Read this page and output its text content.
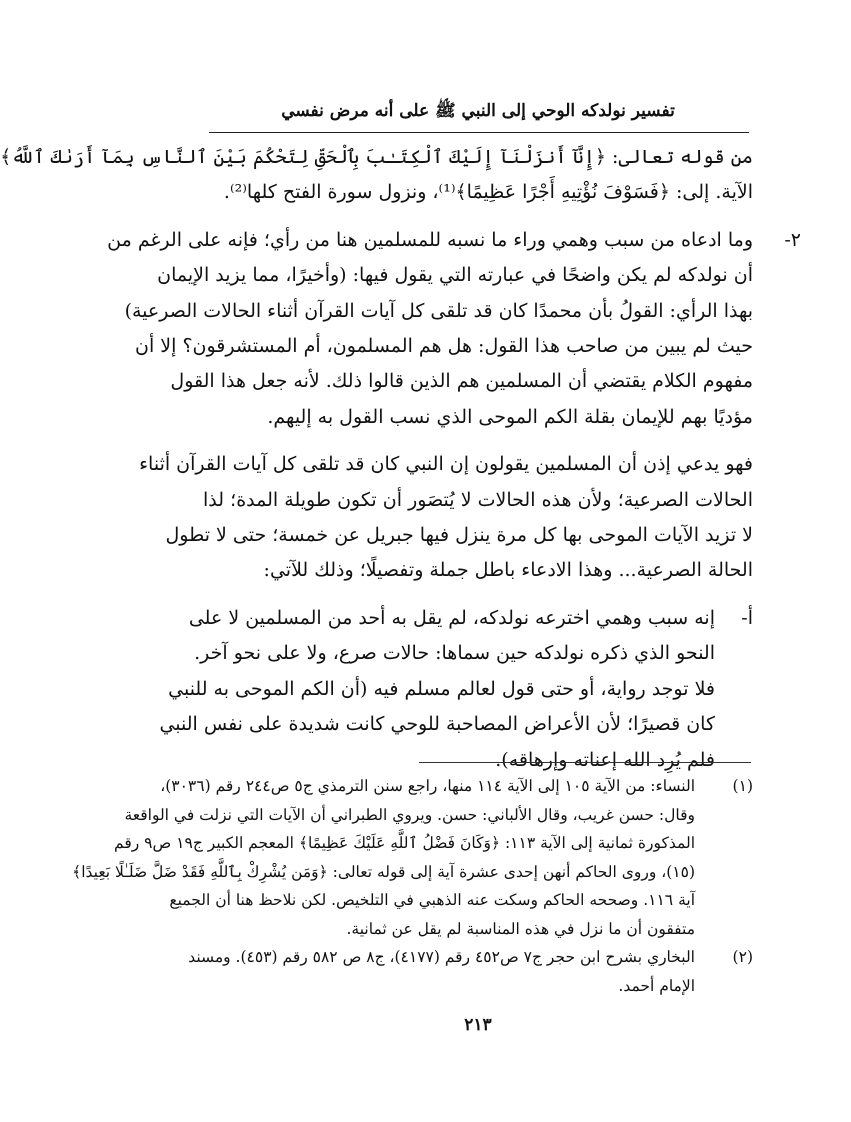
تفسير نولدكه الوحي إلى النبي ﷺ على أنه مرض نفسي

من قوله تعالى: ﴿إِنَّآ أَنزَلْنَآ إِلَيْكَ ٱلْكِتَـٰبَ بِٱلْحَقِّ لِتَحْكُمَ بَيْنَ ٱلنَّاسِ بِمَآ أَرَىٰكَ ٱللَّهُ﴾
الآية. إلى: ﴿فَسَوْفَ نُؤْتِيهِ أَجْرًا عَظِيمًا﴾⁽¹⁾، ونزول سورة الفتح كلها⁽²⁾.

٢-
وما ادعاه من سبب وهمي وراء ما نسبه للمسلمين هنا من رأي؛ فإنه على الرغم من
أن نولدكه لم يكن واضحًا في عبارته التي يقول فيها: (وأخيرًا، مما يزيد الإيمان
بهذا الرأي: القولُ بأن محمدًا كان قد تلقى كل آيات القرآن أثناء الحالات الصرعية)
حيث لم يبين من صاحب هذا القول: هل هم المسلمون، أم المستشرقون؟ إلا أن
مفهوم الكلام يقتضي أن المسلمين هم الذين قالوا ذلك. لأنه جعل هذا القول
مؤديًا بهم للإيمان بقلة الكم الموحى الذي نسب القول به إليهم.

فهو يدعي إذن أن المسلمين يقولون إن النبي كان قد تلقى كل آيات القرآن أثناء
الحالات الصرعية؛ ولأن هذه الحالات لا يُتصَور أن تكون طويلة المدة؛ لذا
لا تزيد الآيات الموحى بها كل مرة ينزل فيها جبريل عن خمسة؛ حتى لا تطول
الحالة الصرعية... وهذا الادعاء باطل جملة وتفصيلًا؛ وذلك للآتي:

أ-
إنه سبب وهمي اخترعه نولدكه، لم يقل به أحد من المسلمين لا على
النحو الذي ذكره نولدكه حين سماها: حالات صرع، ولا على نحو آخر.
فلا توجد رواية، أو حتى قول لعالم مسلم فيه (أن الكم الموحى به للنبي
كان قصيرًا؛ لأن الأعراض المصاحبة للوحي كانت شديدة على نفس النبي
فلم يُرِد الله إعناته وإرهاقه).
(١)
النساء: من الآية ١٠٥ إلى الآية ١١٤ منها، راجع سنن الترمذي ج٥ ص٢٤٤ رقم (٣٠٣٦)،
وقال: حسن غريب، وقال الألباني: حسن. ويروي الطبراني أن الآيات التي نزلت في الواقعة
المذكورة ثمانية إلى الآية ١١٣: ﴿وَكَانَ فَضْلُ ٱللَّهِ عَلَيْكَ عَظِيمًا﴾ المعجم الكبير ج١٩ ص٩ رقم
(١٥)، وروى الحاكم أنهن إحدى عشرة آية إلى قوله تعالى: ﴿وَمَن يُشْرِكْ بِٱللَّهِ فَقَدْ ضَلَّ ضَلَـٰلًا بَعِيدًا﴾
آية ١١٦. وصححه الحاكم وسكت عنه الذهبي في التلخيص. لكن نلاحظ هنا أن الجميع
متفقون أن ما نزل في هذه المناسبة لم يقل عن ثمانية.
(٢)
البخاري بشرح ابن حجر ج٧ ص٤٥٢ رقم (٤١٧٧)، ج٨ ص ٥٨٢ رقم (٤٥٣). ومسند
الإمام أحمد.
٢١٣
